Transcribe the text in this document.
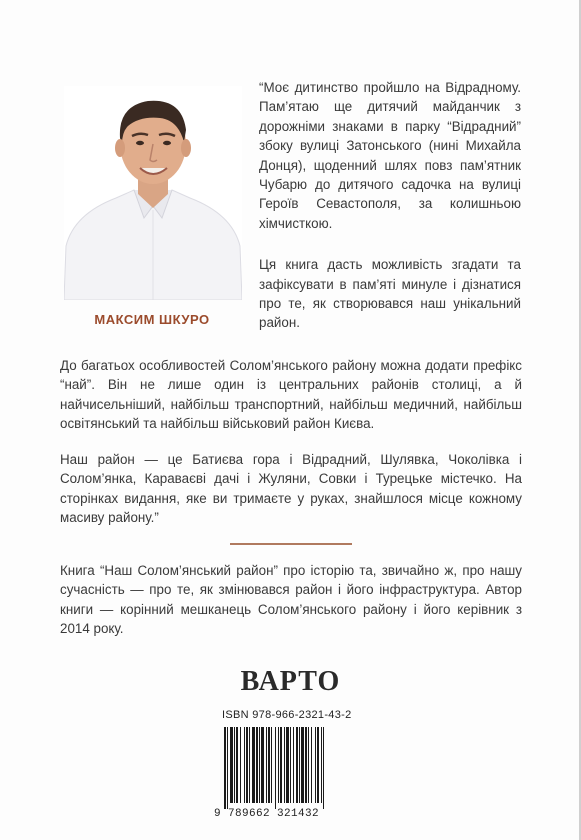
МАКСИМ ШКУРО

“Моє дитинство пройшло на Відрадному. Пам’ятаю ще дитячий майданчик з дорожніми знаками в парку “Відрадний” збоку вулиці Затонського (нині Михайла Донця), щоденний шлях повз пам’ятник Чубарю до дитячого садочка на вулиці Героїв Севастополя, за колишньою хімчисткою.

Ця книга дасть можливість згадати та зафіксувати в пам’яті минуле і дізнатися про те, як створювався наш унікальний район.

До багатьох особливостей Солом’янського району можна додати префікс “най”. Він не лише один із центральних районів столиці, а й найчисельніший, найбільш транспортний, найбільш медичний, найбільш освітянський та найбільш військовий район Києва.

Наш район — це Батиєва гора і Відрадний, Шулявка, Чоколівка і Солом’янка, Караваєві дачі і Жуляни, Совки і Турецьке містечко. На сторінках видання, яке ви тримаєте у руках, знайшлося місце кожному масиву району.”

Книга “Наш Солом’янський район” про історію та, звичайно ж, про нашу сучасність — про те, як змінювався район і його інфраструктура. Автор книги — корінний мешканець Солом’янського району і його керівник з 2014 року.

ВАРТО
ISBN 978-966-2321-43-2
9 789662 321432
